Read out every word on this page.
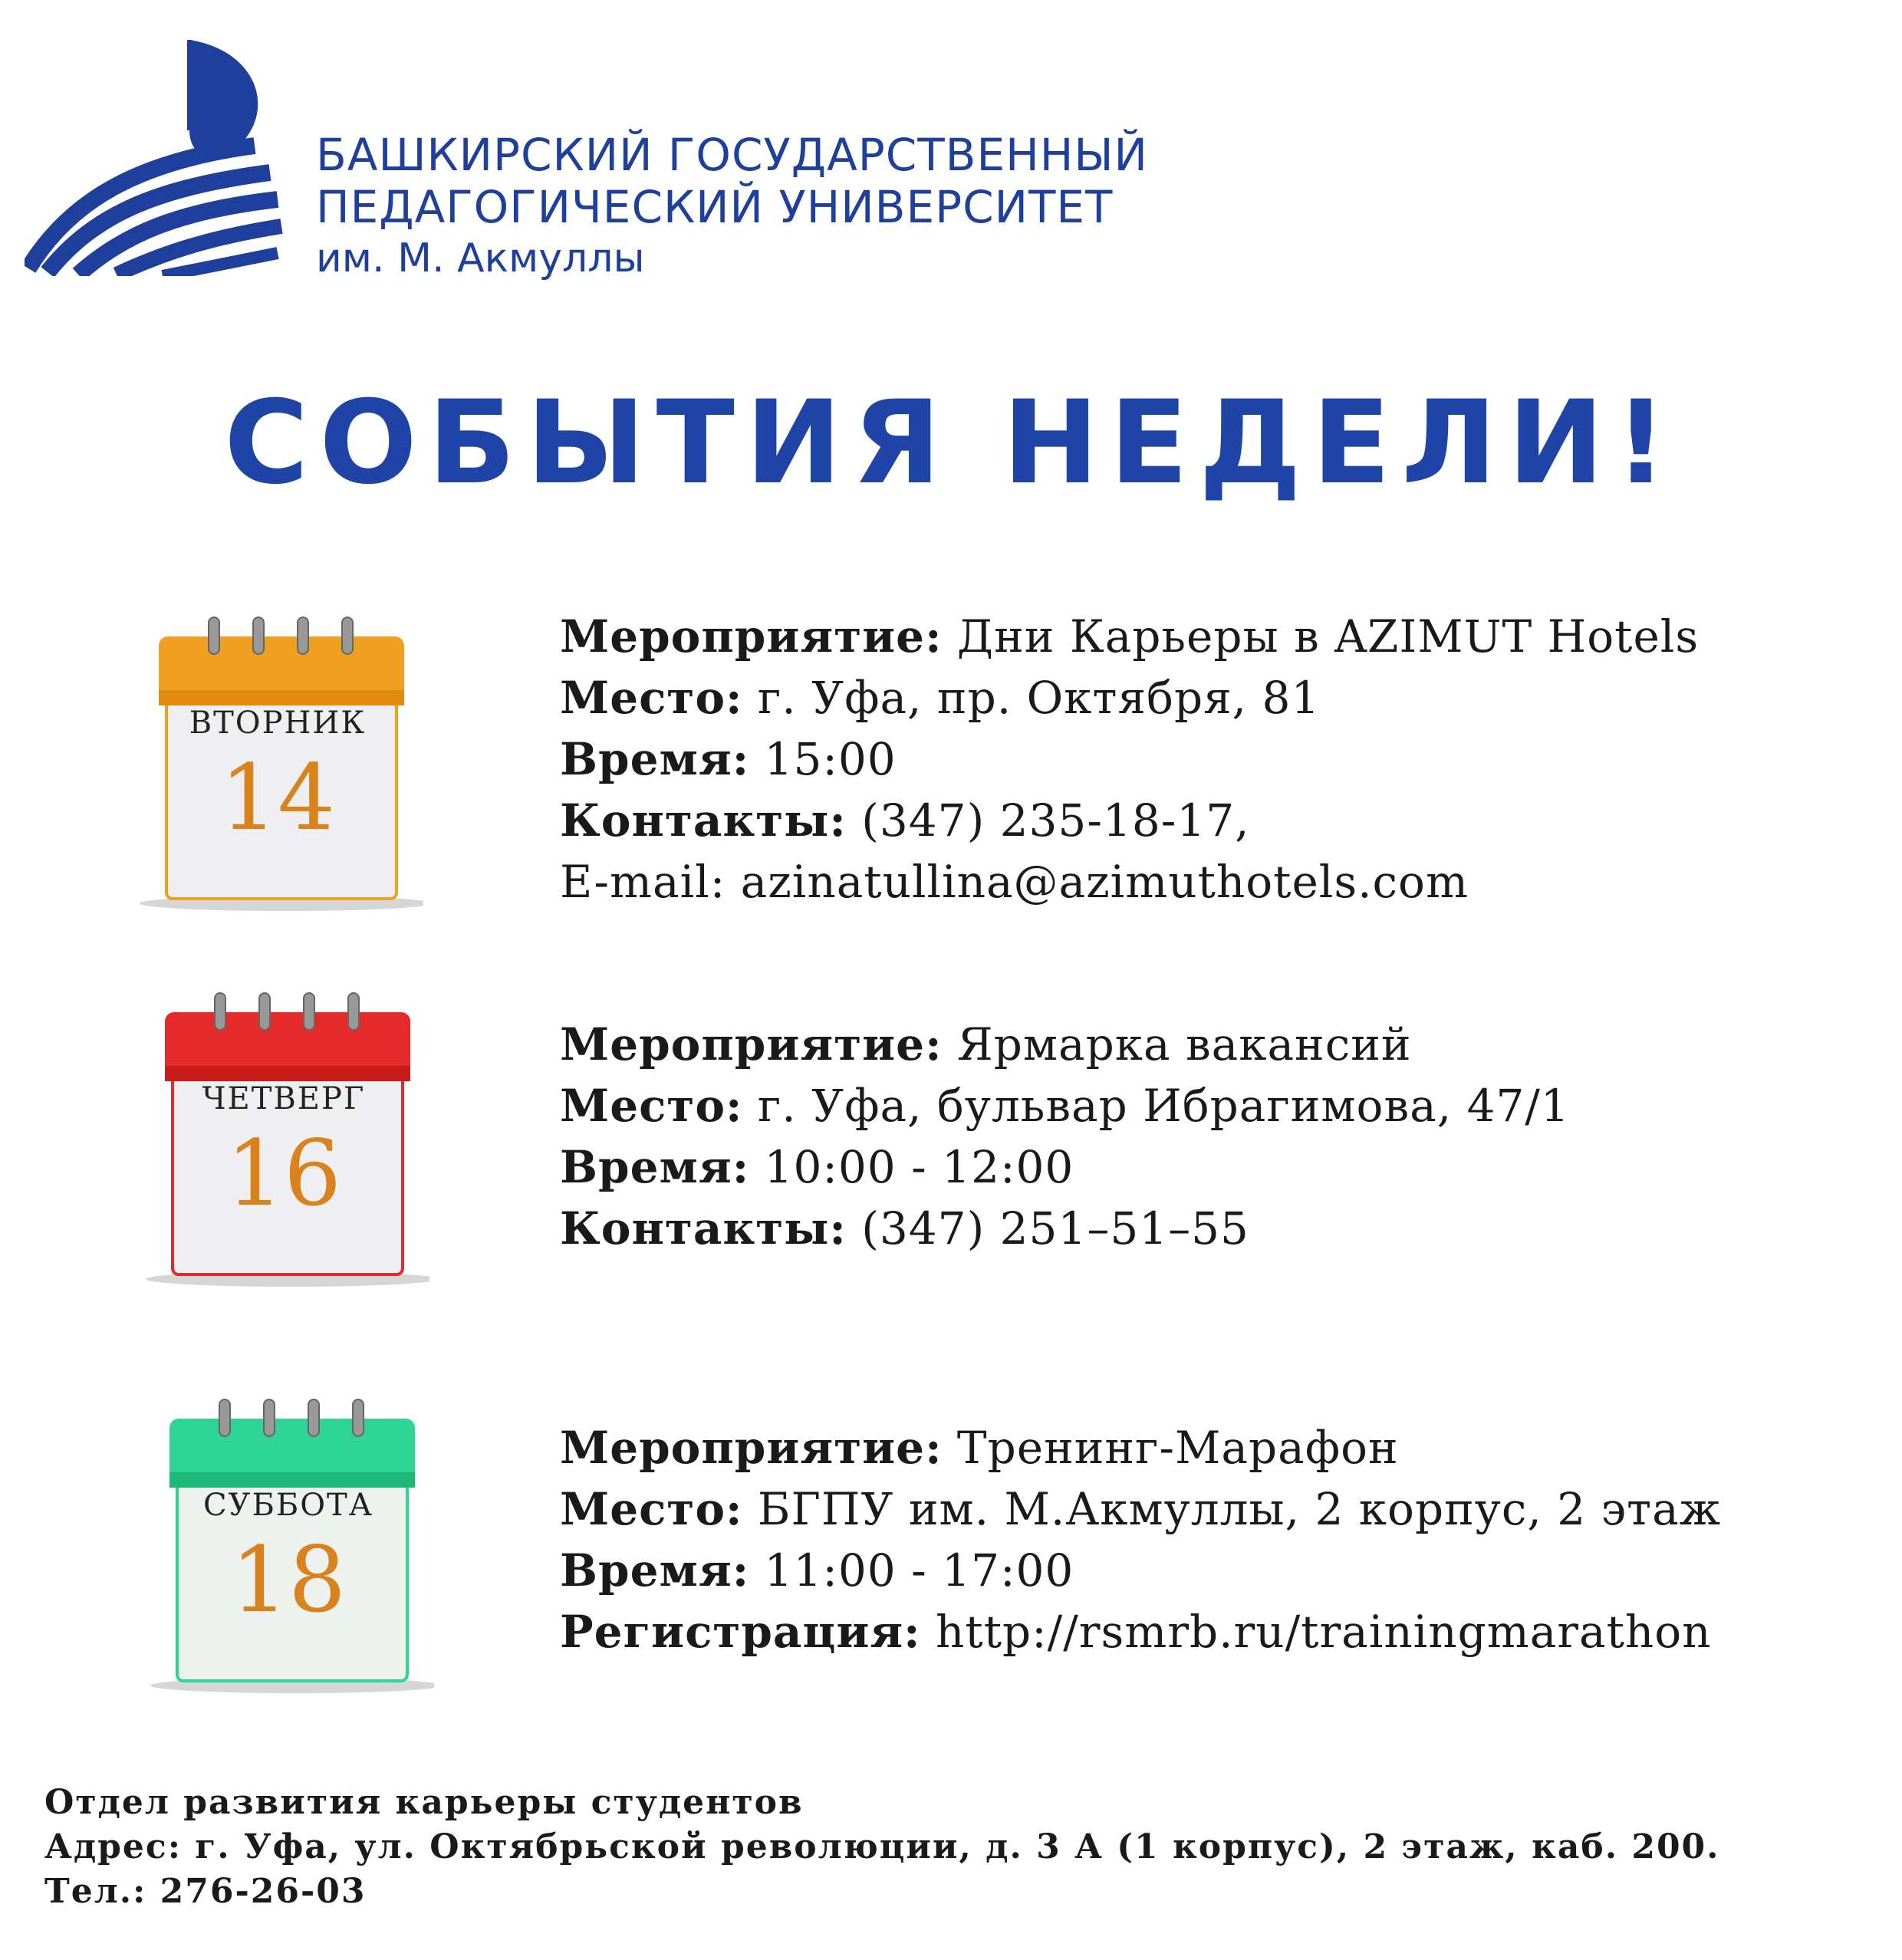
БАШКИРСКИЙ ГОСУДАРСТВЕННЫЙ
ПЕДАГОГИЧЕСКИЙ УНИВЕРСИТЕТ
им. М. Акмуллы
СОБЫТИЯ НЕДЕЛИ!
ВТОРНИК
14
Мероприятие: Дни Карьеры в AZIMUT Hotels
Место: г. Уфа, пр. Октября, 81
Время: 15:00
Контакты: (347) 235-18-17,
E-mail: azinatullina@azimuthotels.com
ЧЕТВЕРГ
16
Мероприятие: Ярмарка вакансий
Место: г. Уфа, бульвар Ибрагимова, 47/1
Время: 10:00 - 12:00
Контакты: (347) 251–51–55
СУББОТА
18
Мероприятие: Тренинг-Марафон
Место: БГПУ им. М.Акмуллы, 2 корпус, 2 этаж
Время: 11:00 - 17:00
Регистрация: http://rsmrb.ru/trainingmarathon
Отдел развития карьеры студентов
Адрес: г. Уфа, ул. Октябрьской революции, д. 3 А (1 корпус), 2 этаж, каб. 200.
Тел.: 276-26-03
